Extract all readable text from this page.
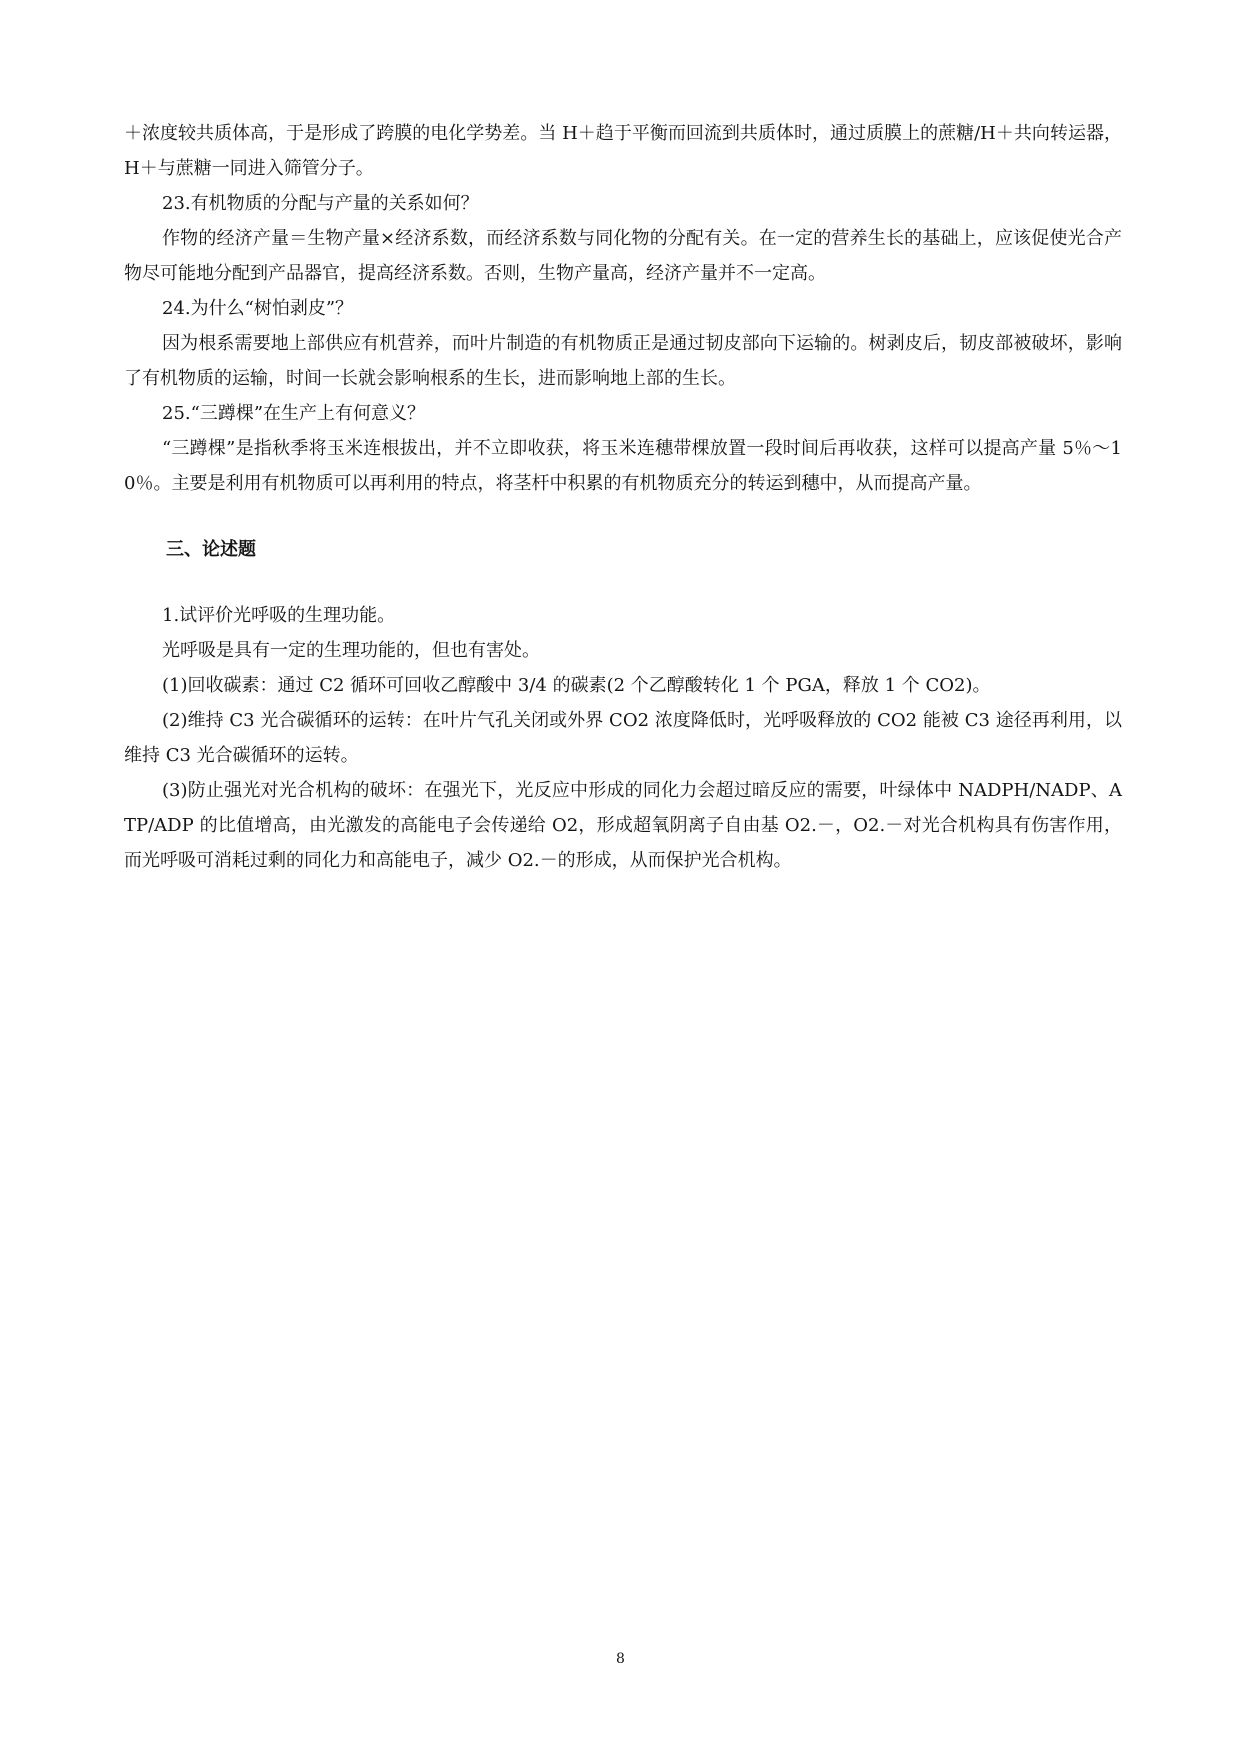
＋浓度较共质体高，于是形成了跨膜的电化学势差。当 H＋趋于平衡而回流到共质体时，通过质膜上的蔗糖/H＋共向转运器，H＋与蔗糖一同进入筛管分子。

23.有机物质的分配与产量的关系如何？

作物的经济产量＝生物产量×经济系数，而经济系数与同化物的分配有关。在一定的营养生长的基础上，应该促使光合产物尽可能地分配到产品器官，提高经济系数。否则，生物产量高，经济产量并不一定高。

24.为什么“树怕剥皮”？

因为根系需要地上部供应有机营养，而叶片制造的有机物质正是通过韧皮部向下运输的。树剥皮后，韧皮部被破坏，影响了有机物质的运输，时间一长就会影响根系的生长，进而影响地上部的生长。

25.“三蹲棵”在生产上有何意义？

“三蹲棵”是指秋季将玉米连根拔出，并不立即收获，将玉米连穗带棵放置一段时间后再收获，这样可以提高产量 5％～10％。主要是利用有机物质可以再利用的特点，将茎杆中积累的有机物质充分的转运到穗中，从而提高产量。

三、论述题

1.试评价光呼吸的生理功能。

光呼吸是具有一定的生理功能的，但也有害处。

(1)回收碳素：通过 C2 循环可回收乙醇酸中 3/4 的碳素(2 个乙醇酸转化 1 个 PGA，释放 1 个 CO2)。

(2)维持 C3 光合碳循环的运转：在叶片气孔关闭或外界 CO2 浓度降低时，光呼吸释放的 CO2 能被 C3 途径再利用，以维持 C3 光合碳循环的运转。

(3)防止强光对光合机构的破坏：在强光下，光反应中形成的同化力会超过暗反应的需要，叶绿体中 NADPH/NADP、ATP/ADP 的比值增高，由光激发的高能电子会传递给 O2，形成超氧阴离子自由基 O2.－，O2.－对光合机构具有伤害作用，而光呼吸可消耗过剩的同化力和高能电子，减少 O2.－的形成，从而保护光合机构。

8
